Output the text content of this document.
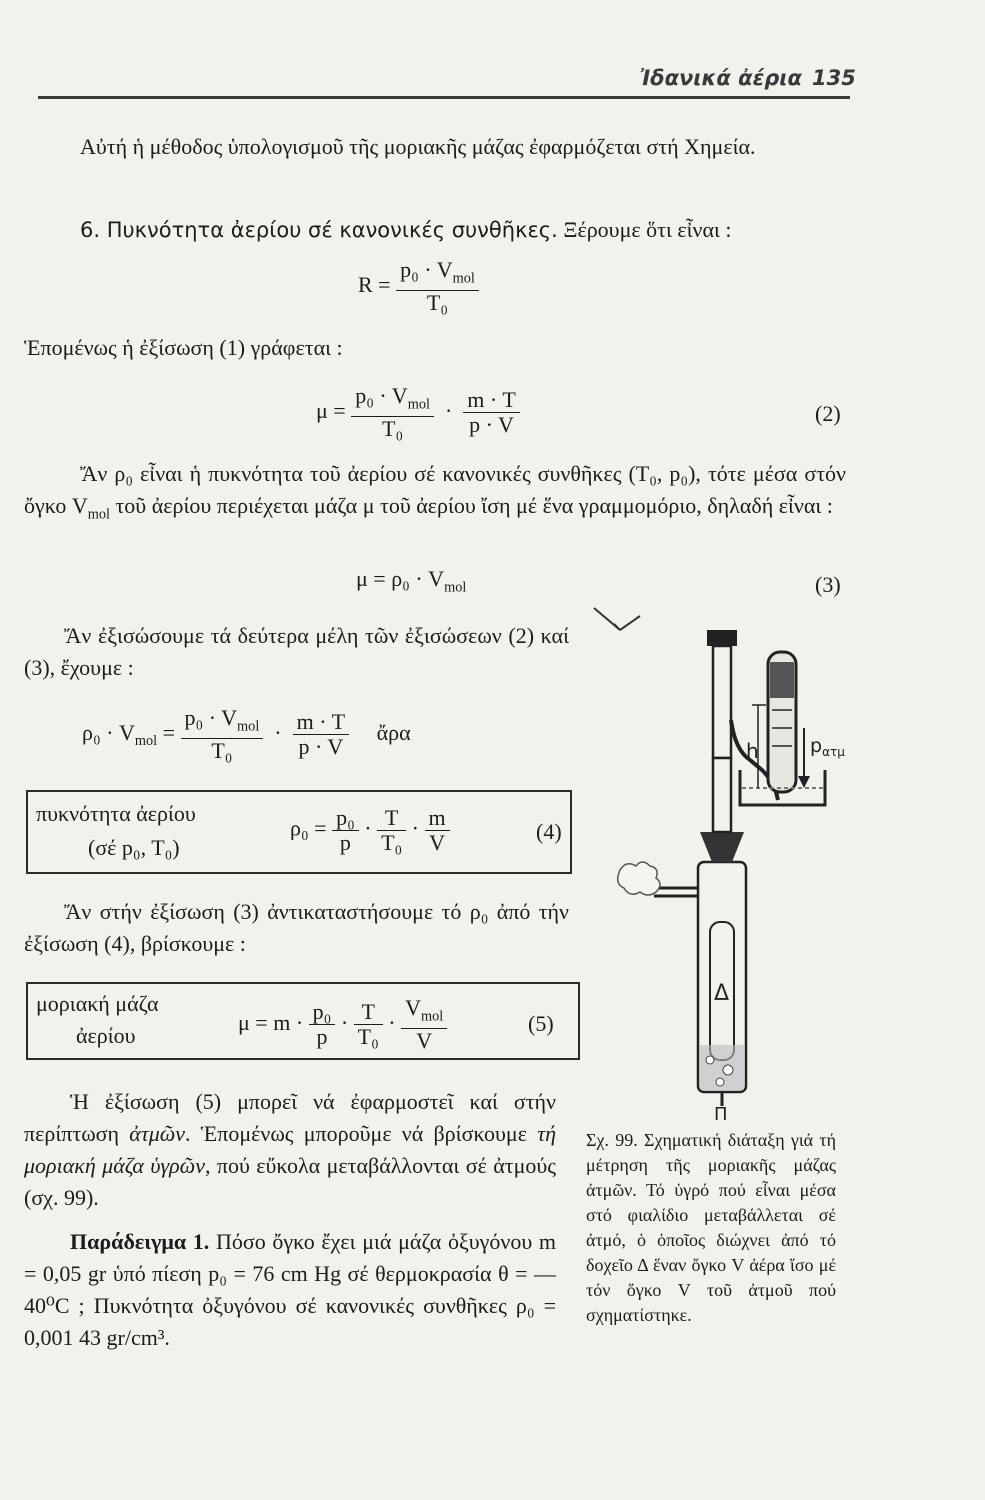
Ἰδανικά ἀέρια 135
Αὐτή ἡ μέθοδος ὑπολογισμοῦ τῆς μοριακῆς μάζας ἐφαρμόζεται στή Χημεία.
6. Πυκνότητα ἀερίου σέ κανονικές συνθῆκες. Ξέρουμε ὅτι εἶναι :
$R = \frac{p_0 \cdot V_{mol}}{\text{T₀}}$
Ἑπομένως ἡ ἐξίσωση (1) γράφεται :
$\mu = \frac{p_0 \cdot V_{mol}}{\text{T₀}} \cdot \frac{m \cdot T}{p \cdot V}$	(2)
Ἄν ρ₀ εἶναι ἡ πυκνότητα τοῦ ἀερίου σέ κανονικές συνθῆκες (T₀, p₀), τότε μέσα στόν ὄγκο $V_{mol}$ τοῦ ἀερίου περιέχεται μάζα μ τοῦ ἀερίου ἴση μέ ἕνα γραμμομόριο, δηλαδή εἶναι :
$\mu = \rho_0 \cdot V_{mol}$	(3)
Ἄν ἐξισώσουμε τά δεύτερα μέλη τῶν ἐξισώσεων (2) καί (3), ἔχουμε :
$\rho_0 \cdot V_{mol} = \frac{p_0 \cdot V_{mol}}{\text{T₀}} \cdot \frac{m \cdot T}{p \cdot V}$ ἄρα
πυκνότητα ἀερίου
(σέ p₀, T₀)
$\rho_0 = \frac{\text{p₀}}{p} \cdot \frac{T}{\text{T₀}} \cdot \frac{m}{V}$	(4)
Ἄν στήν ἐξίσωση (3) ἀντικαταστήσουμε τό ρ₀ ἀπό τήν ἐξίσωση (4), βρίσκουμε :
μοριακή μάζα
ἀερίου
$\mu = m \cdot \frac{\text{p₀}}{p} \cdot \frac{T}{\text{T₀}} \cdot \frac{V_{mol}}{V}$	(5)
Ἡ ἐξίσωση (5) μπορεῖ νά ἐφαρμοστεῖ καί στήν περίπτωση ἀτμῶν. Ἑπομένως μποροῦμε νά βρίσκουμε τή μοριακή μάζα ὑγρῶν, πού εὔκολα μεταβάλλονται σέ ἀτμούς (σχ. 99).
Παράδειγμα 1. Πόσο ὄγκο ἔχει μιά μάζα ὀξυγόνου m = 0,05 gr ὑπό πίεση p₀ = 76 cm Hg σέ θερμοκρασία θ = — 40⁰C ; Πυκνότητα ὀξυγόνου σέ κανονικές συνθῆκες ρ₀ = 0,001 43 gr/cm³.
h	$p_{\alpha\tau\mu}$
Δ
Π
Σχ. 99. Σχηματική διάταξη γιά τή μέτρηση τῆς μοριακῆς μάζας ἀτμῶν. Τό ὑγρό πού εἶναι μέσα στό φιαλίδιο μεταβάλλεται σέ ἀτμό, ὁ ὁποῖος διώχνει ἀπό τό δοχεῖο Δ ἕναν ὄγκο V ἀέρα ἴσο μέ τόν ὄγκο V τοῦ ἀτμοῦ πού σχηματίστηκε.
